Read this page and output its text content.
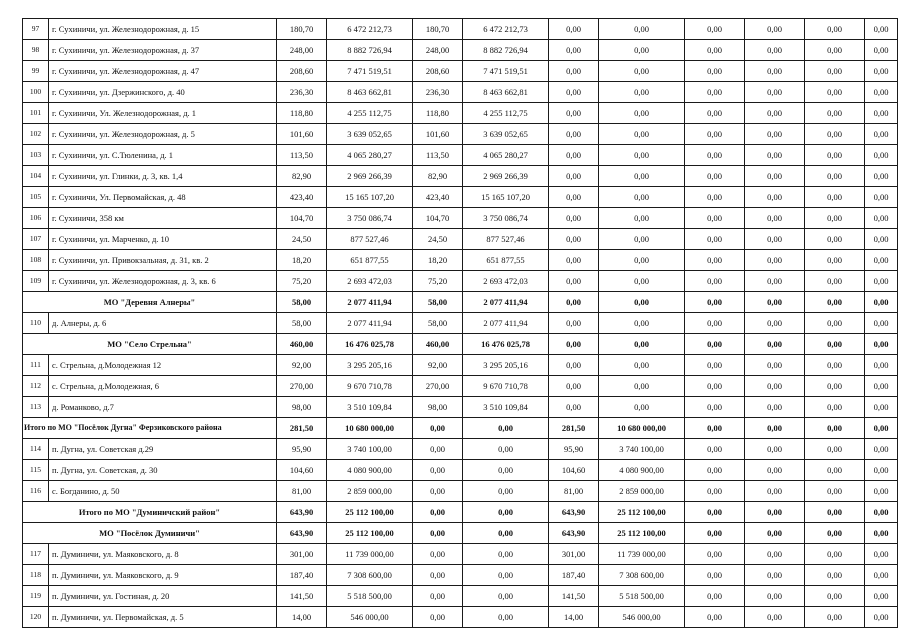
97	г. Сухиничи, ул. Железнодорожная, д. 15	180,70	6 472 212,73	180,70	6 472 212,73	0,00	0,00	0,00	0,00	0,00	0,00
98	г. Сухиничи, ул. Железнодорожная, д. 37	248,00	8 882 726,94	248,00	8 882 726,94	0,00	0,00	0,00	0,00	0,00	0,00
99	г. Сухиничи, ул. Железнодорожная, д. 47	208,60	7 471 519,51	208,60	7 471 519,51	0,00	0,00	0,00	0,00	0,00	0,00
100	г. Сухиничи, ул. Дзержинского, д. 40	236,30	8 463 662,81	236,30	8 463 662,81	0,00	0,00	0,00	0,00	0,00	0,00
101	г. Сухиничи, Ул. Железнодорожная, д. 1	118,80	4 255 112,75	118,80	4 255 112,75	0,00	0,00	0,00	0,00	0,00	0,00
102	г. Сухиничи, ул. Железнодорожная, д. 5	101,60	3 639 052,65	101,60	3 639 052,65	0,00	0,00	0,00	0,00	0,00	0,00
103	г. Сухиничи, ул. С.Тюленина, д. 1	113,50	4 065 280,27	113,50	4 065 280,27	0,00	0,00	0,00	0,00	0,00	0,00
104	г. Сухиничи, ул. Глинки, д. 3, кв. 1,4	82,90	2 969 266,39	82,90	2 969 266,39	0,00	0,00	0,00	0,00	0,00	0,00
105	г. Сухиничи, Ул. Первомайская, д. 48	423,40	15 165 107,20	423,40	15 165 107,20	0,00	0,00	0,00	0,00	0,00	0,00
106	г. Сухиничи, 358 км	104,70	3 750 086,74	104,70	3 750 086,74	0,00	0,00	0,00	0,00	0,00	0,00
107	г. Сухиничи, ул. Марченко, д. 10	24,50	877 527,46	24,50	877 527,46	0,00	0,00	0,00	0,00	0,00	0,00
108	г. Сухиничи, ул. Привокзальная, д. 31, кв. 2	18,20	651 877,55	18,20	651 877,55	0,00	0,00	0,00	0,00	0,00	0,00
109	г. Сухиничи, ул. Железнодорожная, д. 3, кв. 6	75,20	2 693 472,03	75,20	2 693 472,03	0,00	0,00	0,00	0,00	0,00	0,00
МО "Деревня Алнеры"		58,00	2 077 411,94	58,00	2 077 411,94	0,00	0,00	0,00	0,00	0,00	0,00
110	д. Алнеры, д. 6	58,00	2 077 411,94	58,00	2 077 411,94	0,00	0,00	0,00	0,00	0,00	0,00
МО "Село Стрельна"		460,00	16 476 025,78	460,00	16 476 025,78	0,00	0,00	0,00	0,00	0,00	0,00
111	с. Стрельна, д.Молодежная 12	92,00	3 295 205,16	92,00	3 295 205,16	0,00	0,00	0,00	0,00	0,00	0,00
112	с. Стрельна, д.Молодежная, 6	270,00	9 670 710,78	270,00	9 670 710,78	0,00	0,00	0,00	0,00	0,00	0,00
113	д. Романково, д.7	98,00	3 510 109,84	98,00	3 510 109,84	0,00	0,00	0,00	0,00	0,00	0,00
Итого по МО "Посёлок Дугна" Ферзиковского района		281,50	10 680 000,00	0,00	0,00	281,50	10 680 000,00	0,00	0,00	0,00	0,00
114	п. Дугна, ул. Советская д.29	95,90	3 740 100,00	0,00	0,00	95,90	3 740 100,00	0,00	0,00	0,00	0,00
115	п. Дугна, ул. Советская, д. 30	104,60	4 080 900,00	0,00	0,00	104,60	4 080 900,00	0,00	0,00	0,00	0,00
116	с. Богданино, д. 50	81,00	2 859 000,00	0,00	0,00	81,00	2 859 000,00	0,00	0,00	0,00	0,00
Итого по МО "Думиничский район"		643,90	25 112 100,00	0,00	0,00	643,90	25 112 100,00	0,00	0,00	0,00	0,00
МО "Посёлок Думиничи"		643,90	25 112 100,00	0,00	0,00	643,90	25 112 100,00	0,00	0,00	0,00	0,00
117	п. Думиничи, ул. Маяковского, д. 8	301,00	11 739 000,00	0,00	0,00	301,00	11 739 000,00	0,00	0,00	0,00	0,00
118	п. Думиничи, ул. Маяковского, д. 9	187,40	7 308 600,00	0,00	0,00	187,40	7 308 600,00	0,00	0,00	0,00	0,00
119	п. Думиничи, ул. Гостиная, д. 20	141,50	5 518 500,00	0,00	0,00	141,50	5 518 500,00	0,00	0,00	0,00	0,00
120	п. Думиничи, ул. Первомайская, д. 5	14,00	546 000,00	0,00	0,00	14,00	546 000,00	0,00	0,00	0,00	0,00
